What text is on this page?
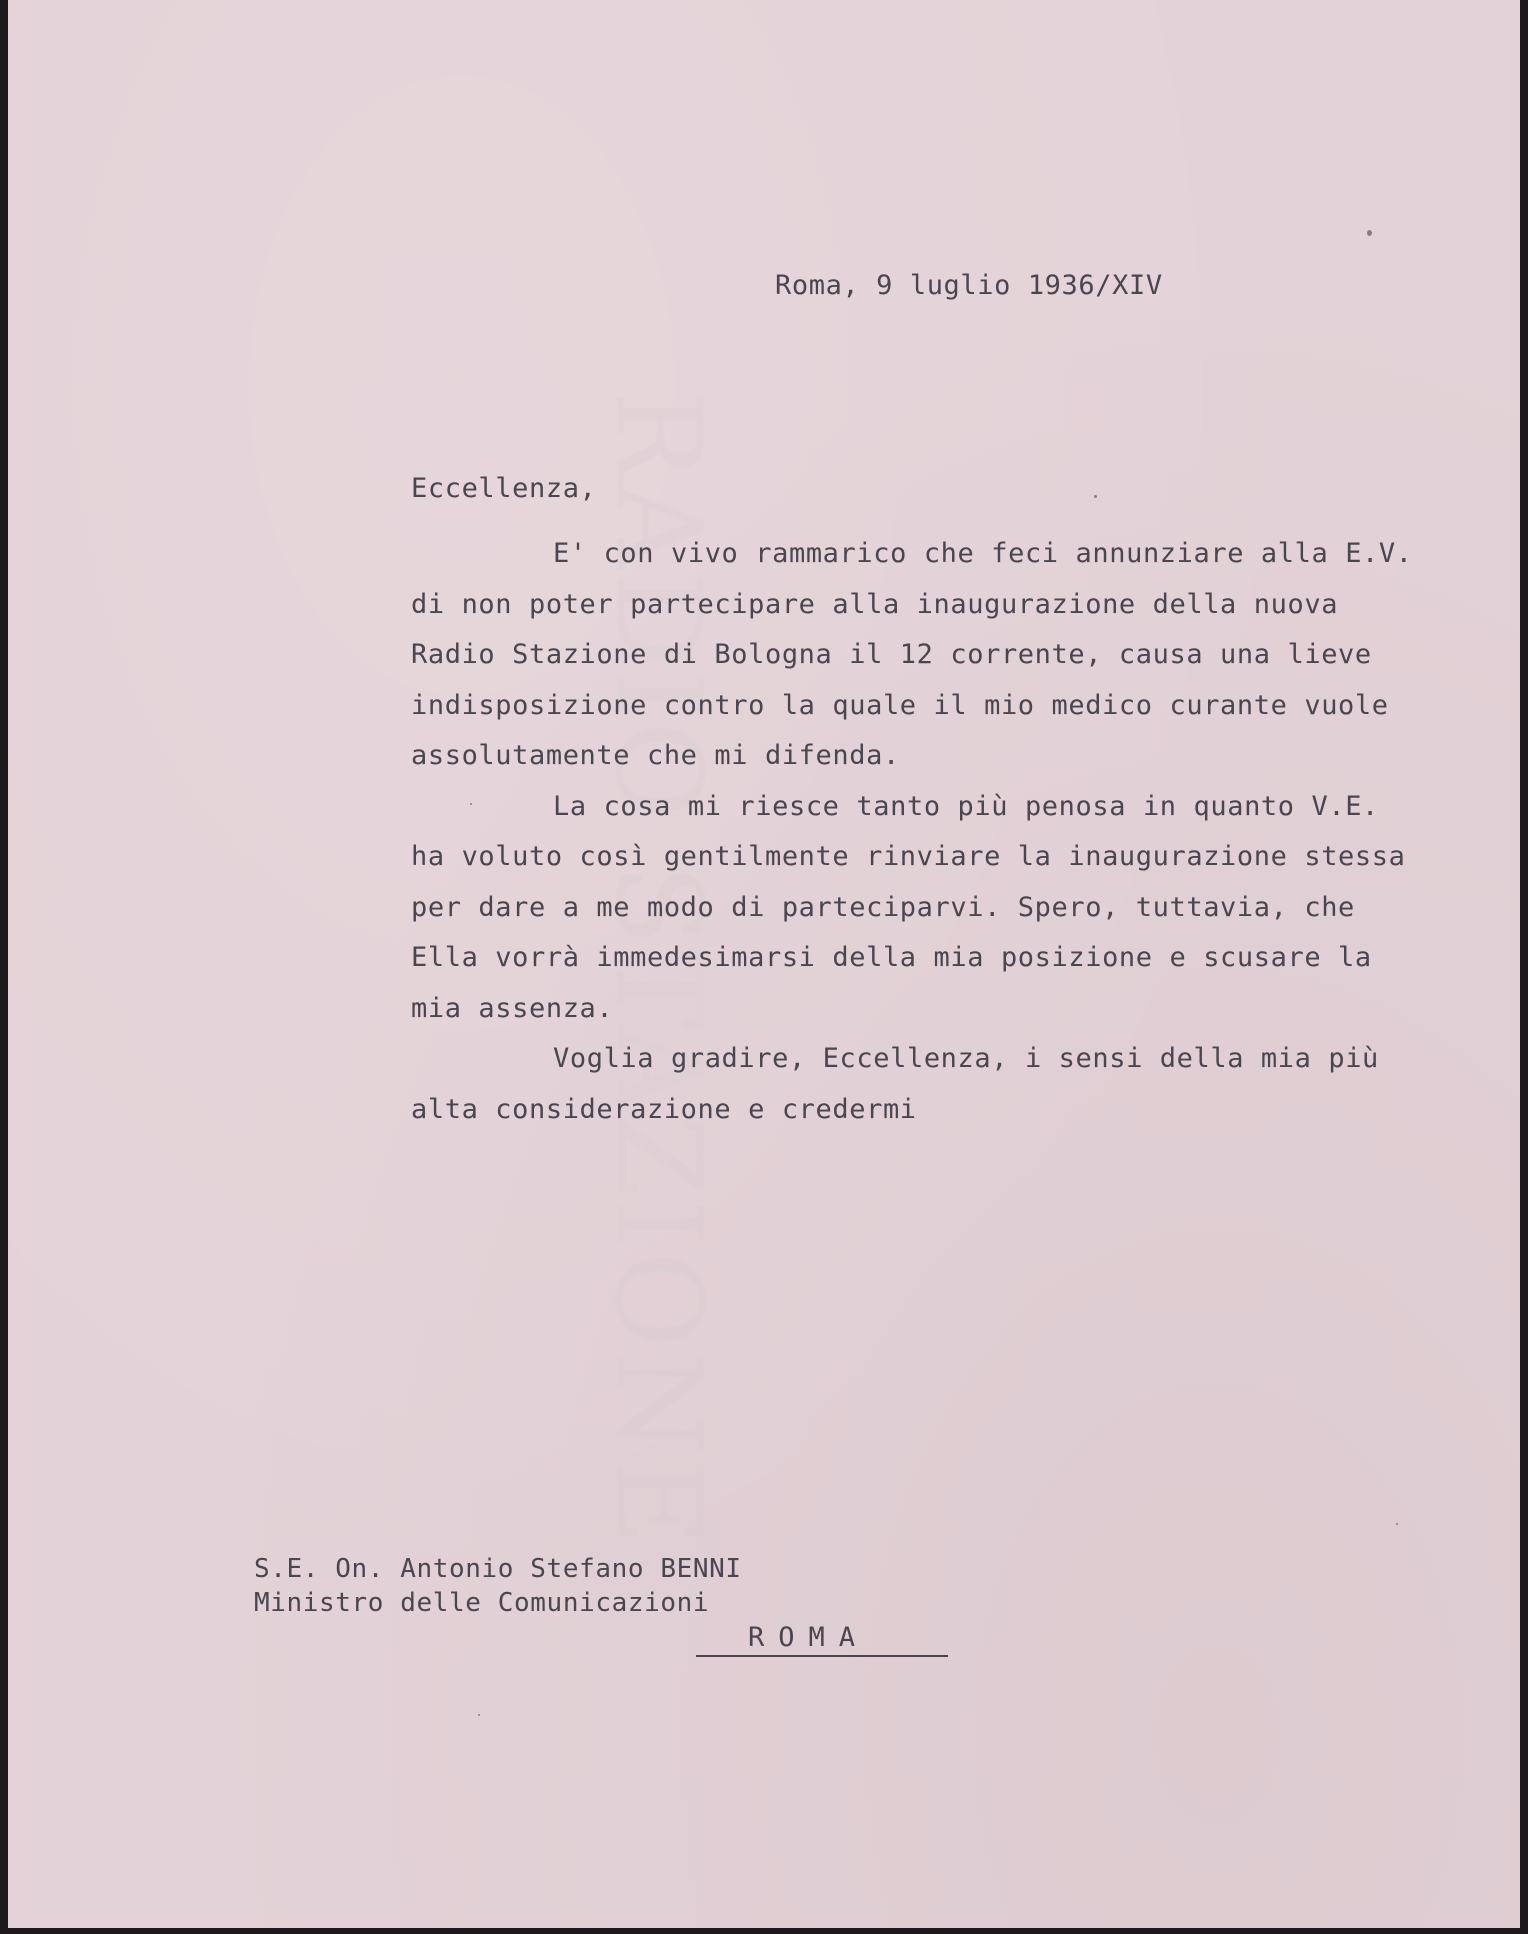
RADIO STAZIONE
Roma, 9 luglio 1936/XIV
Eccellenza,
E' con vivo rammarico che feci annunziare alla E.V.
di non poter partecipare alla inaugurazione della nuova
Radio Stazione di Bologna il 12 corrente, causa una lieve
indisposizione contro la quale il mio medico curante vuole
assolutamente che mi difenda.
La cosa mi riesce tanto più penosa in quanto V.E.
ha voluto così gentilmente rinviare la inaugurazione stessa
per dare a me modo di parteciparvi. Spero, tuttavia, che
Ella vorrà immedesimarsi della mia posizione e scusare la
mia assenza.
Voglia gradire, Eccellenza, i sensi della mia più
alta considerazione e credermi
S.E. On. Antonio Stefano BENNI
Ministro delle Comunicazioni
ROMA
